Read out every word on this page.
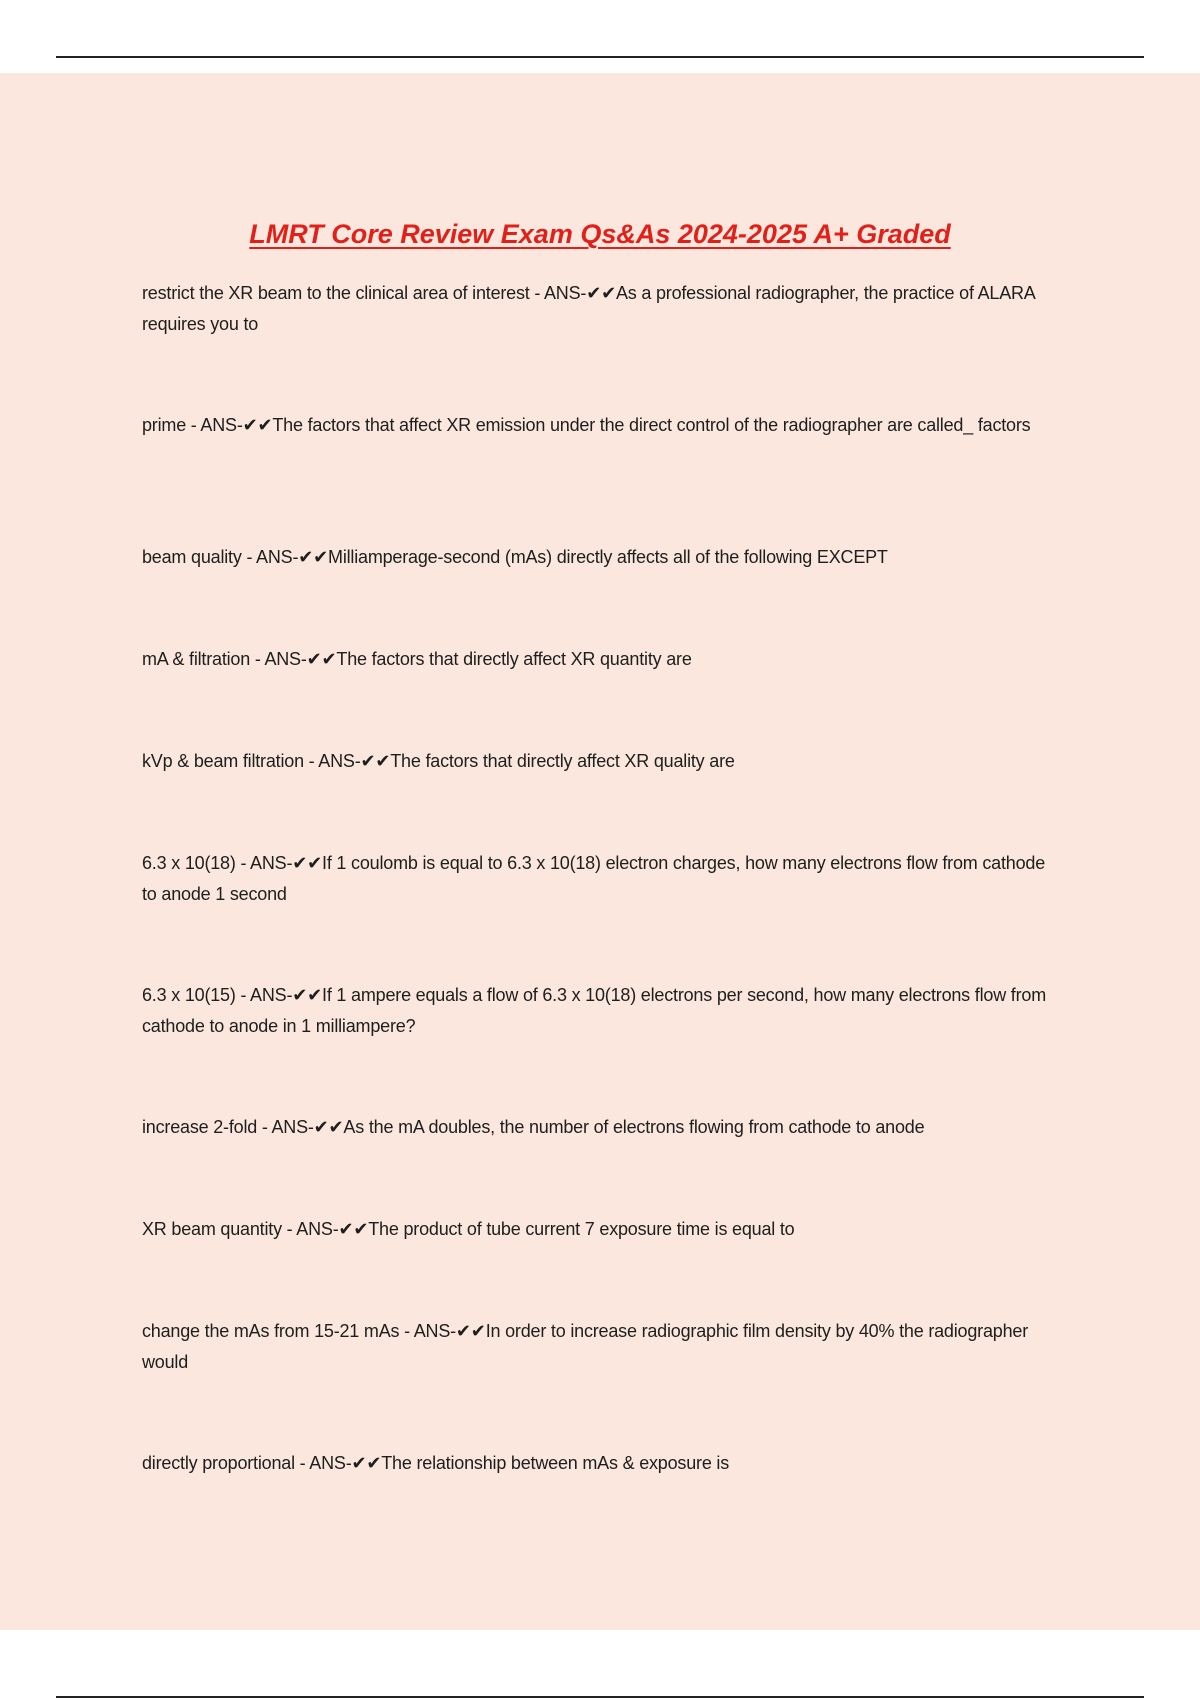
LMRT Core Review Exam Qs&As 2024-2025 A+ Graded
restrict the XR beam to the clinical area of interest - ANS-✔✔As a professional radiographer, the practice of ALARA requires you to
prime - ANS-✔✔The factors that affect XR emission under the direct control of the radiographer are called_ factors
beam quality - ANS-✔✔Milliamperage-second (mAs) directly affects all of the following EXCEPT
mA & filtration - ANS-✔✔The factors that directly affect XR quantity are
kVp & beam filtration - ANS-✔✔The factors that directly affect XR quality are
6.3 x 10(18) - ANS-✔✔If 1 coulomb is equal to 6.3 x 10(18) electron charges, how many electrons flow from cathode to anode 1 second
6.3 x 10(15) - ANS-✔✔If 1 ampere equals a flow of 6.3 x 10(18) electrons per second, how many electrons flow from cathode to anode in 1 milliampere?
increase 2-fold - ANS-✔✔As the mA doubles, the number of electrons flowing from cathode to anode
XR beam quantity - ANS-✔✔The product of tube current 7 exposure time is equal to
change the mAs from 15-21 mAs - ANS-✔✔In order to increase radiographic film density by 40% the radiographer would
directly proportional - ANS-✔✔The relationship between mAs & exposure is
